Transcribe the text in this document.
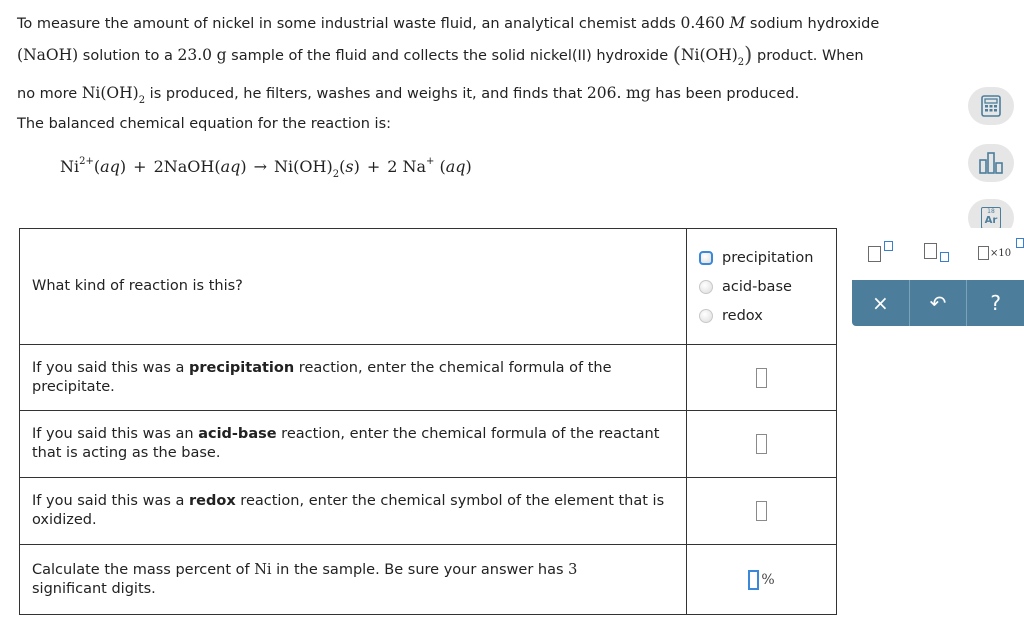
To measure the amount of nickel in some industrial waste fluid, an analytical chemist adds 0.460 M sodium hydroxide
(NaOH) solution to a 23.0 g sample of the fluid and collects the solid nickel(II) hydroxide $(Ni(OH)_2)$ product. When
no more $Ni(OH)_2$ is produced, he filters, washes and weighs it, and finds that 206. mg has been produced.
The balanced chemical equation for the reaction is:
$Ni^{2+}(aq)$ + 2NaOH(aq) → $Ni(OH)_2(s) + 2$ Na+ (aq)
What kind of reaction is this?	precipitation
acid-base
redox

If you said this was a precipitation reaction, enter the chemical formula of the precipitate.	
If you said this was an acid-base reaction, enter the chemical formula of the reactant that is acting as the base.	
If you said this was a redox reaction, enter the chemical symbol of the element that is oxidized.	
Calculate the mass percent of Ni in the sample. Be sure your answer has 3
significant digits.	%
18
Ar
×10
× ↶ ?
